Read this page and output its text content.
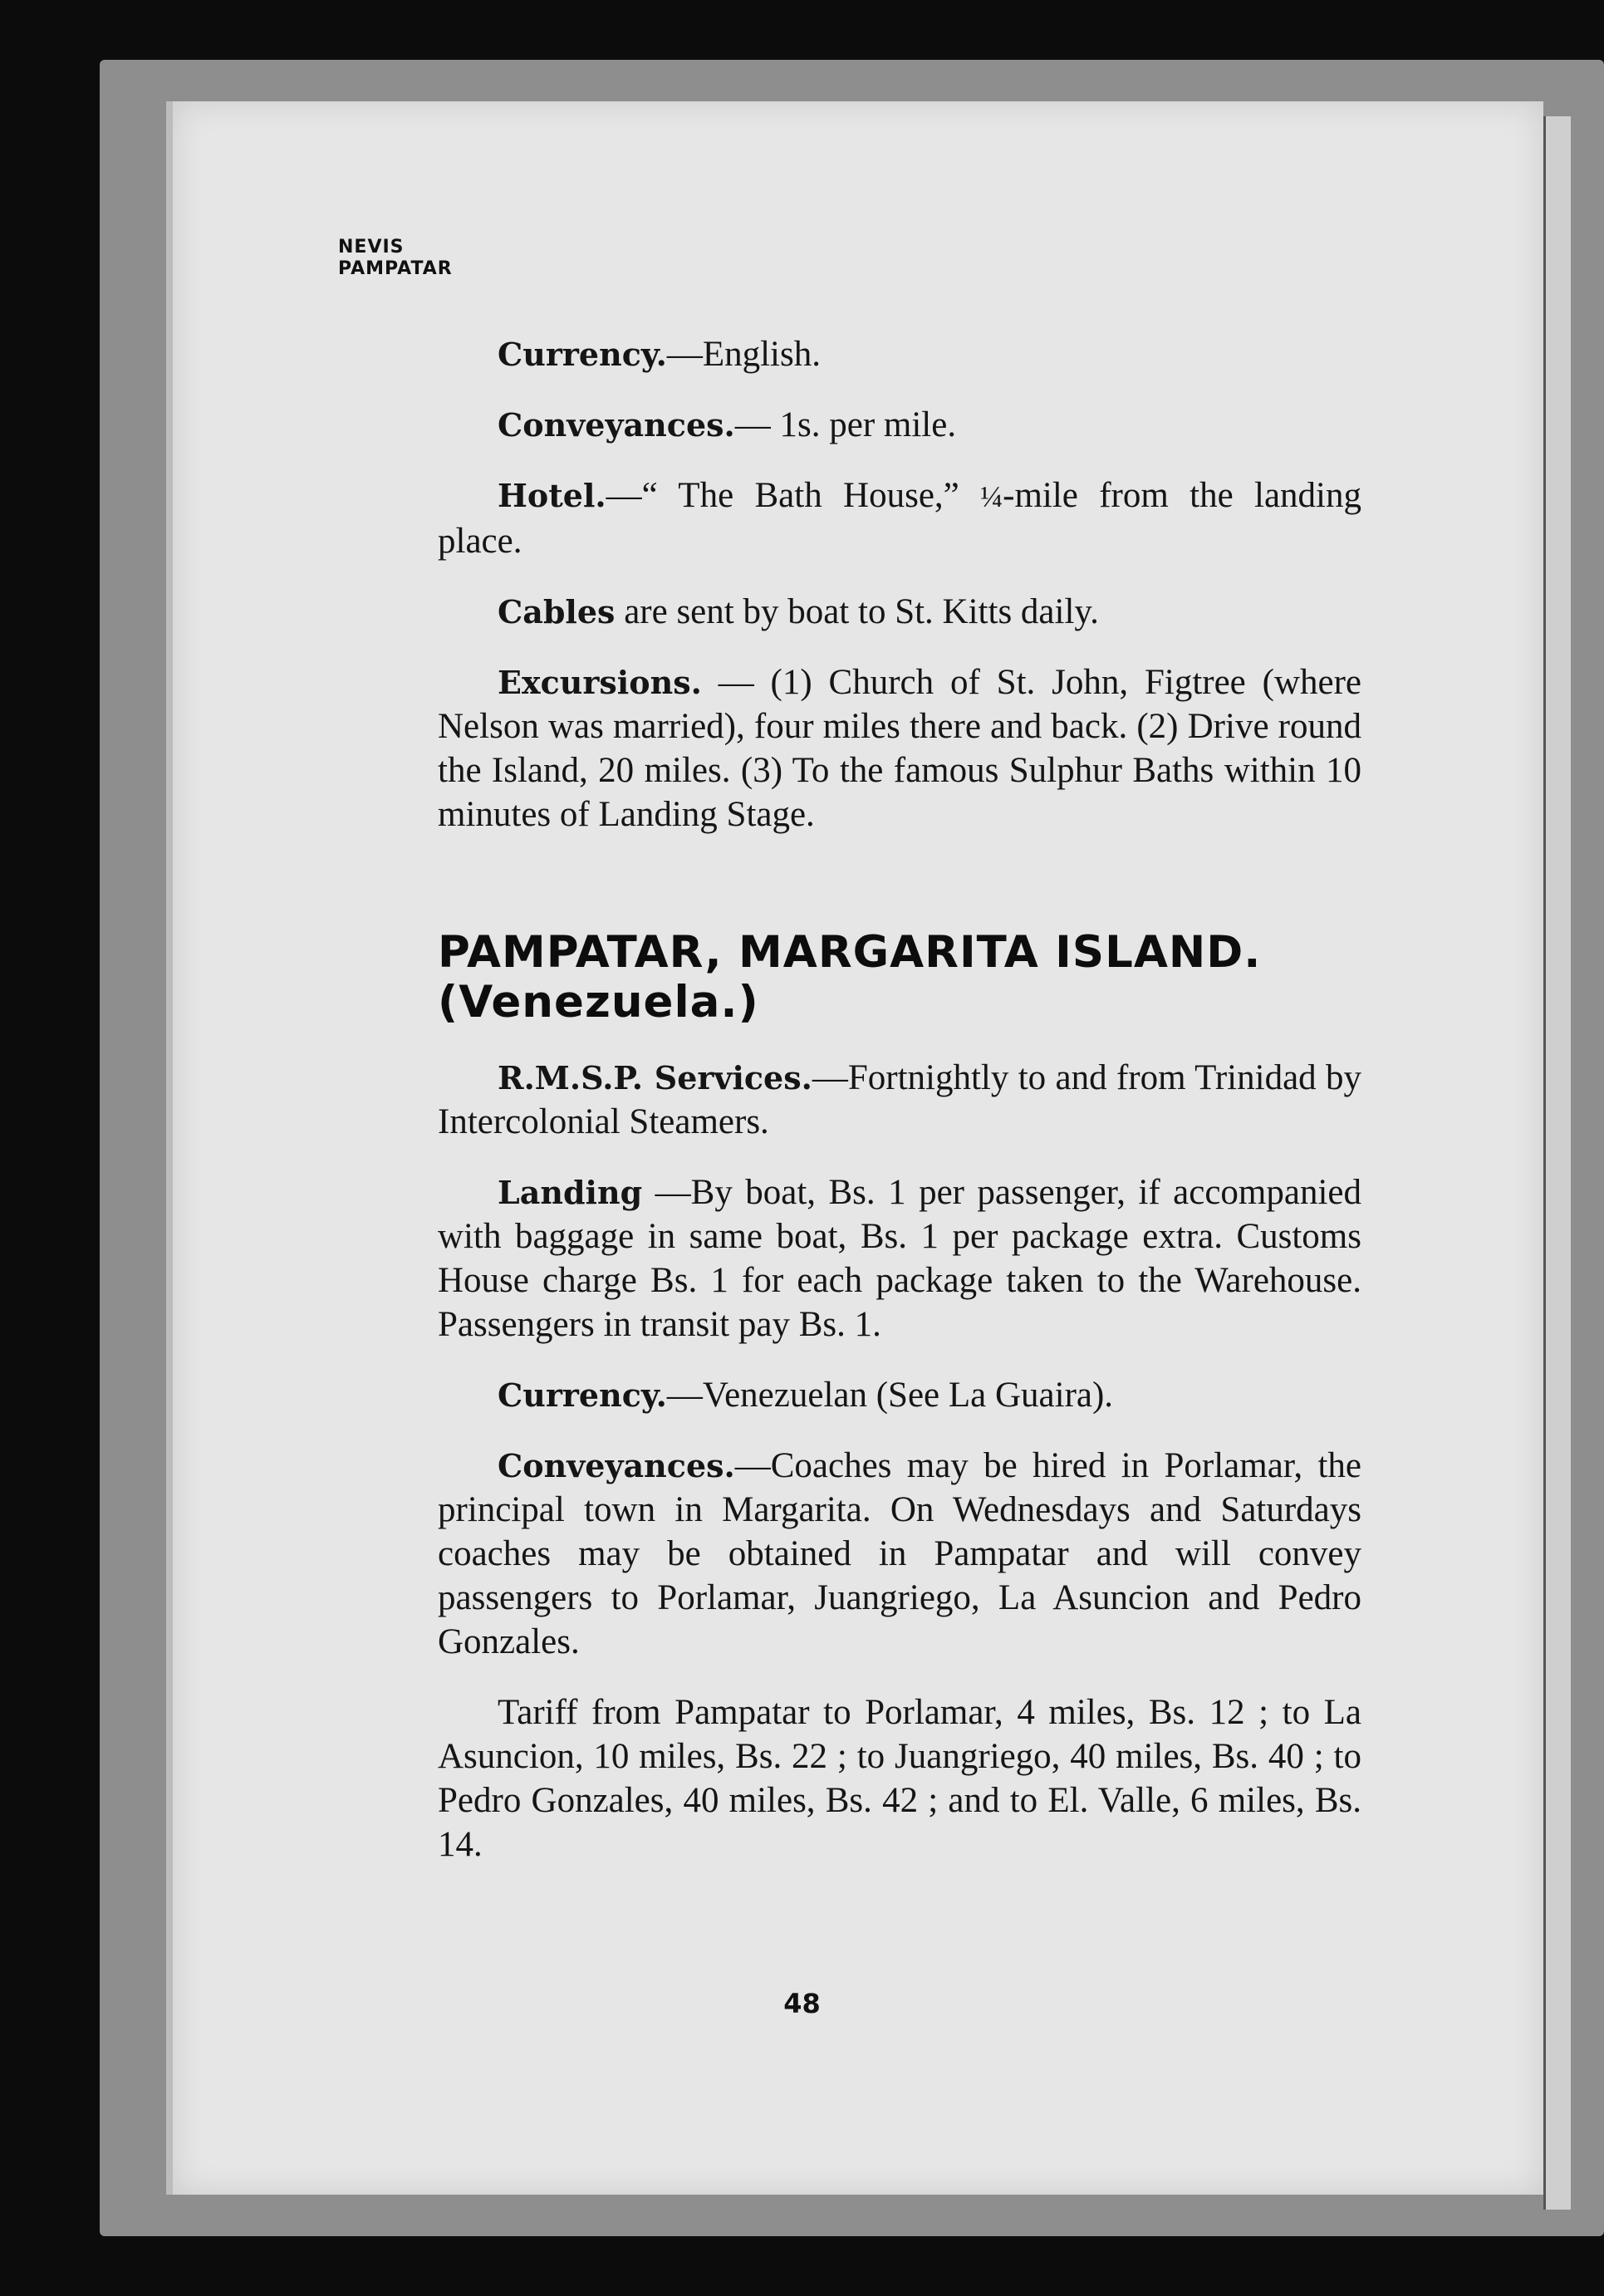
NEVIS
PAMPATAR

Currency.—English.

Conveyances.— 1s. per mile.

Hotel.—“ The Bath House,” ¼-mile from the landing place.

Cables are sent by boat to St. Kitts daily.

Excursions. — (1) Church of St. John, Figtree (where Nelson was married), four miles there and back. (2) Drive round the Island, 20 miles. (3) To the famous Sulphur Baths within 10 minutes of Landing Stage.

PAMPATAR, MARGARITA ISLAND.
(Venezuela.)

R.M.S.P. Services.—Fortnightly to and from Trinidad by Intercolonial Steamers.

Landing —By boat, Bs. 1 per passenger, if accompanied with baggage in same boat, Bs. 1 per package extra. Customs House charge Bs. 1 for each package taken to the Warehouse. Passengers in transit pay Bs. 1.

Currency.—Venezuelan (See La Guaira).

Conveyances.—Coaches may be hired in Porlamar, the principal town in Margarita. On Wednesdays and Saturdays coaches may be obtained in Pampatar and will convey passengers to Porlamar, Juangriego, La Asuncion and Pedro Gonzales.

Tariff from Pampatar to Porlamar, 4 miles, Bs. 12 ; to La Asuncion, 10 miles, Bs. 22 ; to Juangriego, 40 miles, Bs. 40 ; to Pedro Gonzales, 40 miles, Bs. 42 ; and to El. Valle, 6 miles, Bs. 14.

48
